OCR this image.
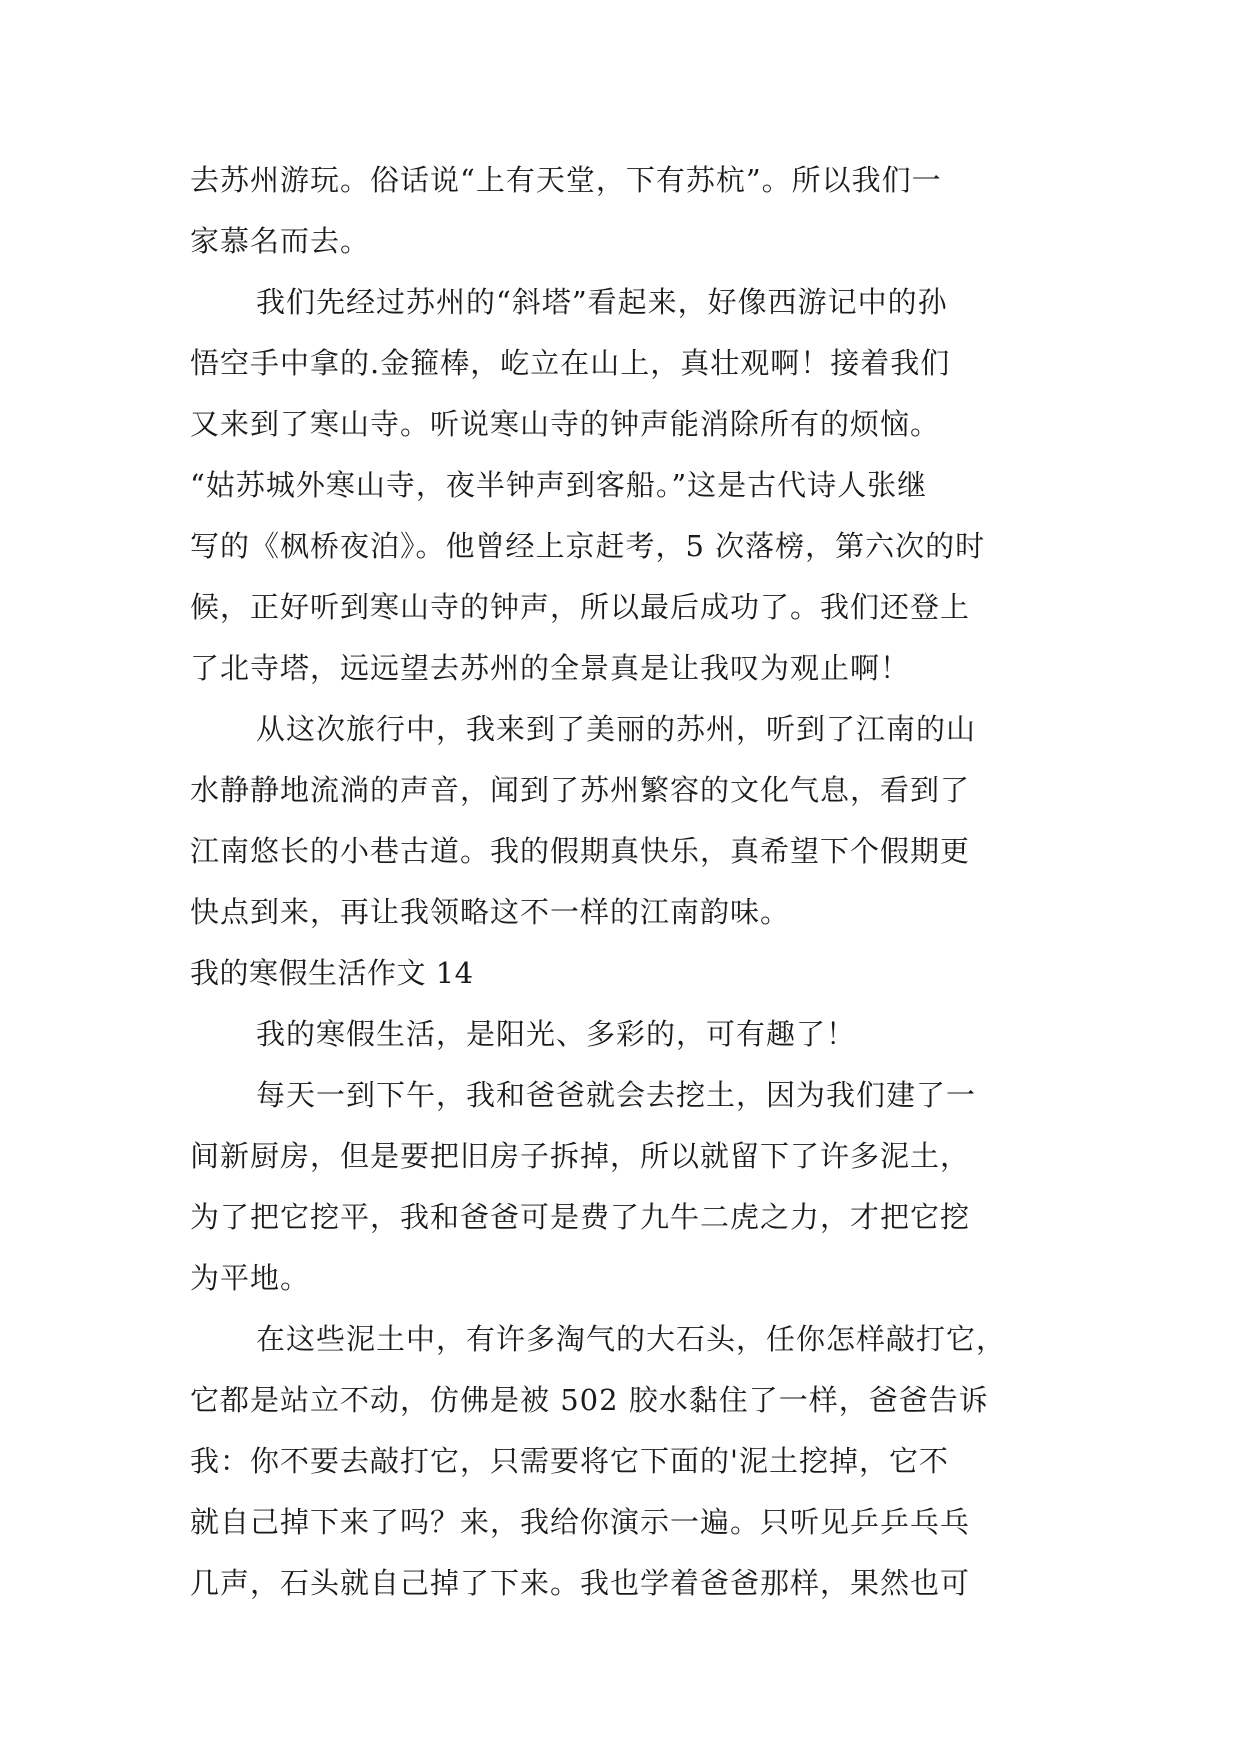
去苏州游玩。俗话说“上有天堂，下有苏杭”。所以我们一
家慕名而去。
我们先经过苏州的“斜塔”看起来，好像西游记中的孙
悟空手中拿的.金箍棒，屹立在山上，真壮观啊！接着我们
又来到了寒山寺。听说寒山寺的钟声能消除所有的烦恼。
“姑苏城外寒山寺，夜半钟声到客船。”这是古代诗人张继
写的《枫桥夜泊》。他曾经上京赶考，5 次落榜，第六次的时
候，正好听到寒山寺的钟声，所以最后成功了。我们还登上
了北寺塔，远远望去苏州的全景真是让我叹为观止啊！
从这次旅行中，我来到了美丽的苏州，听到了江南的山
水静静地流淌的声音，闻到了苏州繁容的文化气息，看到了
江南悠长的小巷古道。我的假期真快乐，真希望下个假期更
快点到来，再让我领略这不一样的江南韵味。
我的寒假生活作文 14
我的寒假生活，是阳光、多彩的，可有趣了！
每天一到下午，我和爸爸就会去挖土，因为我们建了一
间新厨房，但是要把旧房子拆掉，所以就留下了许多泥土，
为了把它挖平，我和爸爸可是费了九牛二虎之力，才把它挖
为平地。
在这些泥土中，有许多淘气的大石头，任你怎样敲打它，
它都是站立不动，仿佛是被 502 胶水黏住了一样，爸爸告诉
我：你不要去敲打它，只需要将它下面的'泥土挖掉，它不
就自己掉下来了吗？来，我给你演示一遍。只听见乒乒乓乓
几声，石头就自己掉了下来。我也学着爸爸那样，果然也可
